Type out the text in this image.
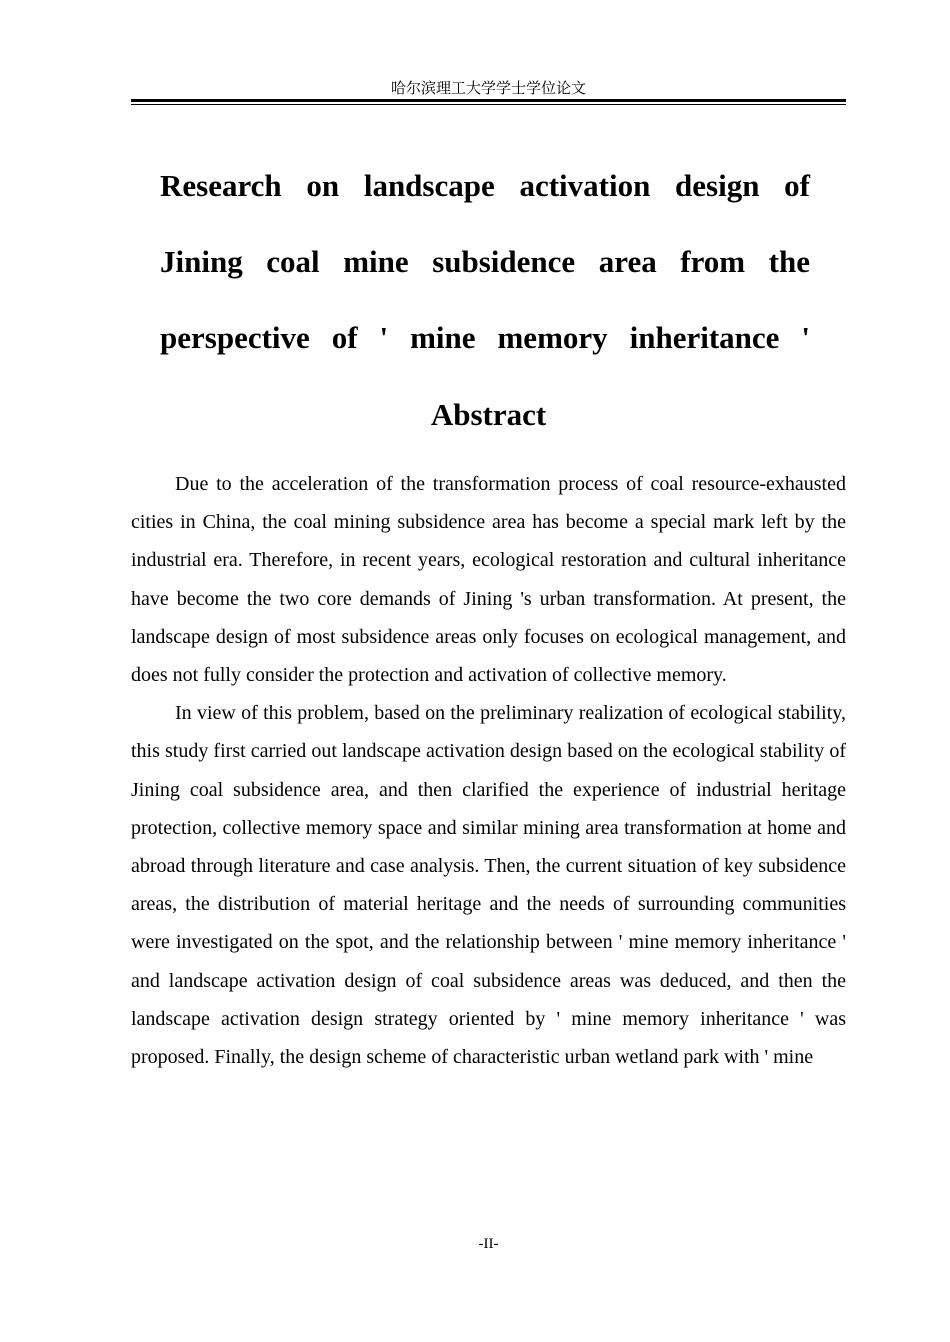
哈尔滨理工大学学士学位论文
Research on landscape activation design of
Jining coal mine subsidence area from the
perspective of ' mine memory inheritance '
Abstract

Due to the acceleration of the transformation process of coal resource-exhausted cities in China, the coal mining subsidence area has become a special mark left by the industrial era. Therefore, in recent years, ecological restoration and cultural inheritance have become the two core demands of Jining 's urban transformation. At present, the landscape design of most subsidence areas only focuses on ecological management, and does not fully consider the protection and activation of collective memory.

In view of this problem, based on the preliminary realization of ecological stability, this study first carried out landscape activation design based on the ecological stability of Jining coal subsidence area, and then clarified the experience of industrial heritage protection, collective memory space and similar mining area transformation at home and abroad through literature and case analysis. Then, the current situation of key subsidence areas, the distribution of material heritage and the needs of surrounding communities were investigated on the spot, and the relationship between ' mine memory inheritance ' and landscape activation design of coal subsidence areas was deduced, and then the landscape activation design strategy oriented by ' mine memory inheritance ' was proposed. Finally, the design scheme of characteristic urban wetland park with ' mine

-II-
